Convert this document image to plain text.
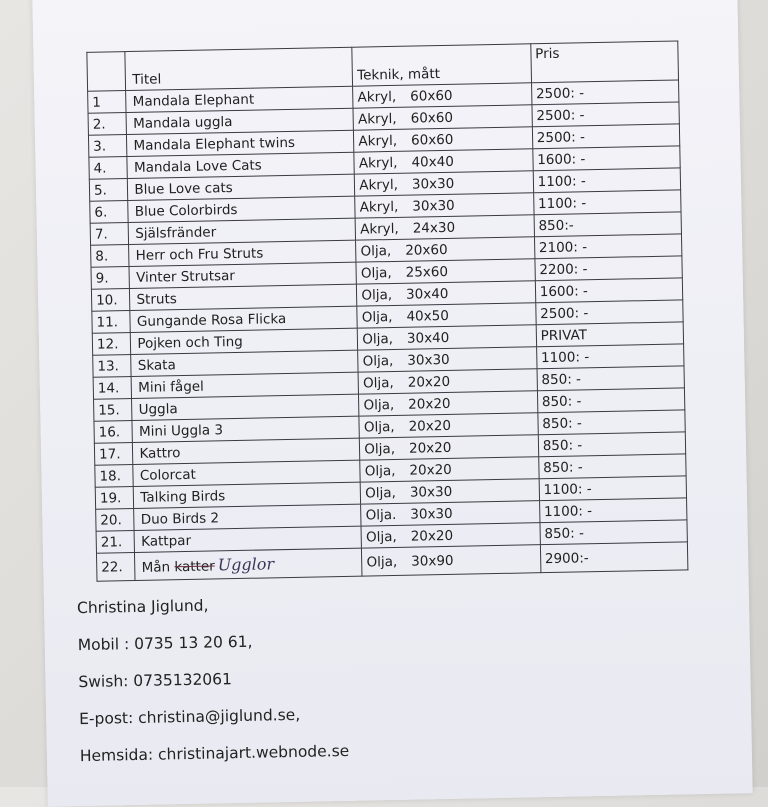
	Titel	Teknik, mått	Pris
1	Mandala Elephant	Akryl, 60x60	2500: -
2.	Mandala uggla	Akryl, 60x60	2500: -
3.	Mandala Elephant twins	Akryl, 60x60	2500: -
4.	Mandala Love Cats	Akryl, 40x40	1600: -
5.	Blue Love cats	Akryl, 30x30	1100: -
6.	Blue Colorbirds	Akryl, 30x30	1100: -
7.	Själsfränder	Akryl, 24x30	850:-
8.	Herr och Fru Struts	Olja, 20x60	2100: -
9.	Vinter Strutsar	Olja, 25x60	2200: -
10.	Struts	Olja, 30x40	1600: -
11.	Gungande Rosa Flicka	Olja, 40x50	2500: -
12.	Pojken och Ting	Olja, 30x40	PRIVAT
13.	Skata	Olja, 30x30	1100: -
14.	Mini fågel	Olja, 20x20	850: -
15.	Uggla	Olja, 20x20	850: -
16.	Mini Uggla 3	Olja, 20x20	850: -
17.	Kattro	Olja, 20x20	850: -
18.	Colorcat	Olja, 20x20	850: -
19.	Talking Birds	Olja, 30x30	1100: -
20.	Duo Birds 2	Olja. 30x30	1100: -
21.	Kattpar	Olja, 20x20	850: -
22.	Mån katter Ugglor	Olja, 30x90	2900:-
Christina Jiglund,
Mobil : 0735 13 20 61,
Swish: 0735132061
E-post: christina@jiglund.se,
Hemsida: christinajart.webnode.se
